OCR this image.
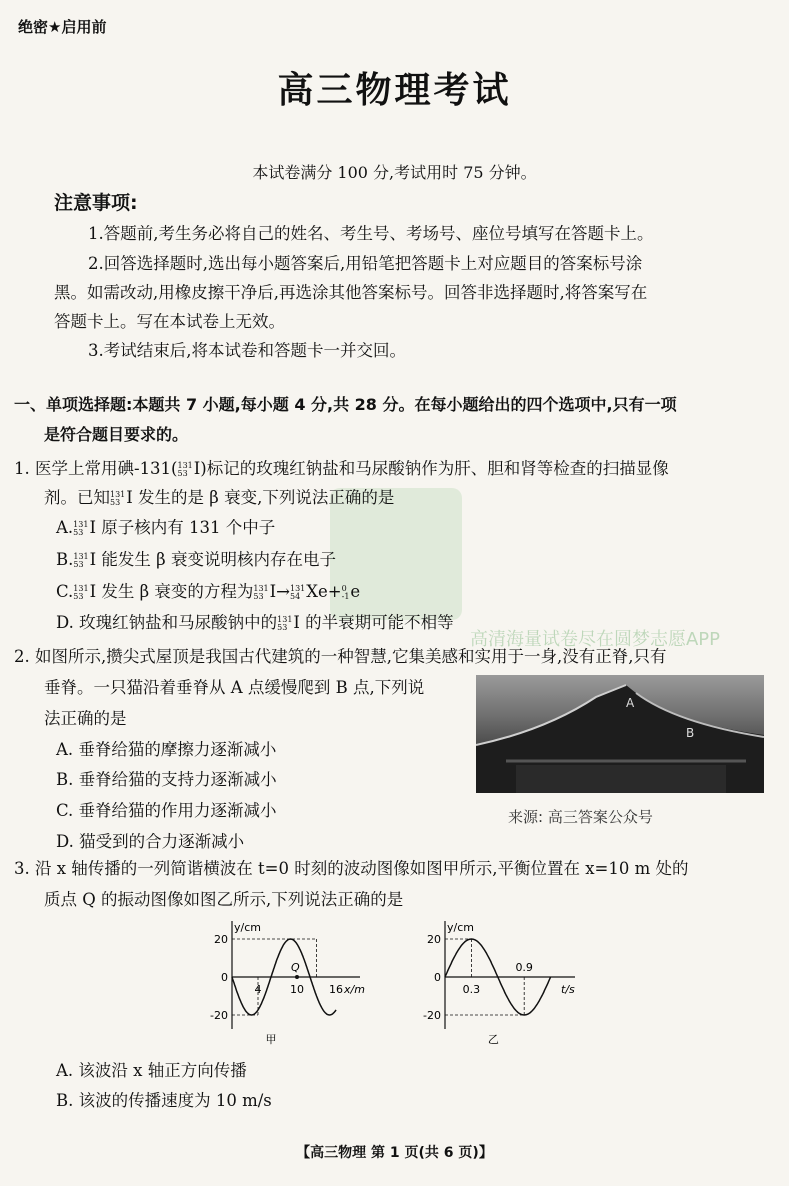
高清海量试卷尽在圆梦志愿APP
绝密★启用前
高三物理考试
本试卷满分 100 分,考试用时 75 分钟。
注意事项:
1.答题前,考生务必将自己的姓名、考生号、考场号、座位号填写在答题卡上。
2.回答选择题时,选出每小题答案后,用铅笔把答题卡上对应题目的答案标号涂
黑。如需改动,用橡皮擦干净后,再选涂其他答案标号。回答非选择题时,将答案写在
答题卡上。写在本试卷上无效。
3.考试结束后,将本试卷和答题卡一并交回。
一、单项选择题:本题共 7 小题,每小题 4 分,共 28 分。在每小题给出的四个选项中,只有一项
是符合题目要求的。
1. 医学上常用碘-131( 131
53 I)标记的玫瑰红钠盐和马尿酸钠作为肝、胆和肾等检查的扫描显像
剂。已知 131
53 I 发生的是 β 衰变,下列说法正确的是
A. 131
53 I 原子核内有 131 个中子
B. 131
53 I 能发生 β 衰变说明核内存在电子
C. 131
53 I 发生 β 衰变的方程为 131
53 I→ 131
54 Xe+ 0
-1 e
D. 玫瑰红钠盐和马尿酸钠中的 131
53 I 的半衰期可能不相等
2. 如图所示,攒尖式屋顶是我国古代建筑的一种智慧,它集美感和实用于一身,没有正脊,只有
垂脊。一只猫沿着垂脊从 A 点缓慢爬到 B 点,下列说
法正确的是
A. 垂脊给猫的摩擦力逐渐减小
B. 垂脊给猫的支持力逐渐减小
C. 垂脊给猫的作用力逐渐减小
D. 猫受到的合力逐渐减小
A
B
来源: 高三答案公众号
3. 沿 x 轴传播的一列简谐横波在 t=0 时刻的波动图像如图甲所示,平衡位置在 x=10 m 处的
质点 Q 的振动图像如图乙所示,下列说法正确的是
y/cm
x/m
20
0
-20
4	10 16
Q
甲
y/cm
t/s
20
0
-20
0.3
0.9
乙
A. 该波沿 x 轴正方向传播
B. 该波的传播速度为 10 m/s
【高三物理 第 1 页(共 6 页)】
